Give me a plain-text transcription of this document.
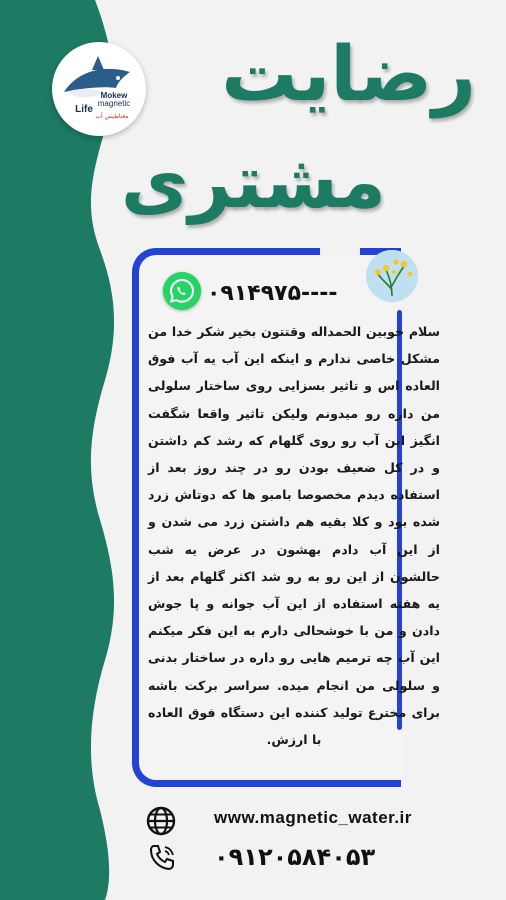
Mokew
magnetic
Life
مغناطیس آب رضایت
مشتری
۰۹۱۴۹۷۵----
سلام خوبین الحمداله وقتتون بخیر شکر خدا من مشکل خاصی ندارم و اینکه این آب یه آب فوق العاده اس و تاثیر بسزایی روی ساختار سلولی من داره رو میدونم ولیکن تاثیر واقعا شگفت انگیز این آب رو روی گلهام که رشد کم داشتن و در کل ضعیف بودن رو در چند روز بعد از استفاده دیدم مخصوصا بامبو ها که دوتاش زرد شده بود و کلا بقیه هم داشتن زرد می شدن و از این آب دادم بهشون در عرض یه شب حالشون از این رو به رو شد اکثر گلهام بعد از یه هفته استفاده از این آب جوانه و پا جوش دادن و من با خوشحالی دارم به این فکر میکنم این آب چه ترمیم هایی رو داره در ساختار بدنی و سلولی من انجام میده. سراسر برکت باشه برای مخترع تولید کننده این دستگاه فوق العاده با ارزش.
www.magnetic_water.ir
۰۹۱۲۰۵۸۴۰۵۳
